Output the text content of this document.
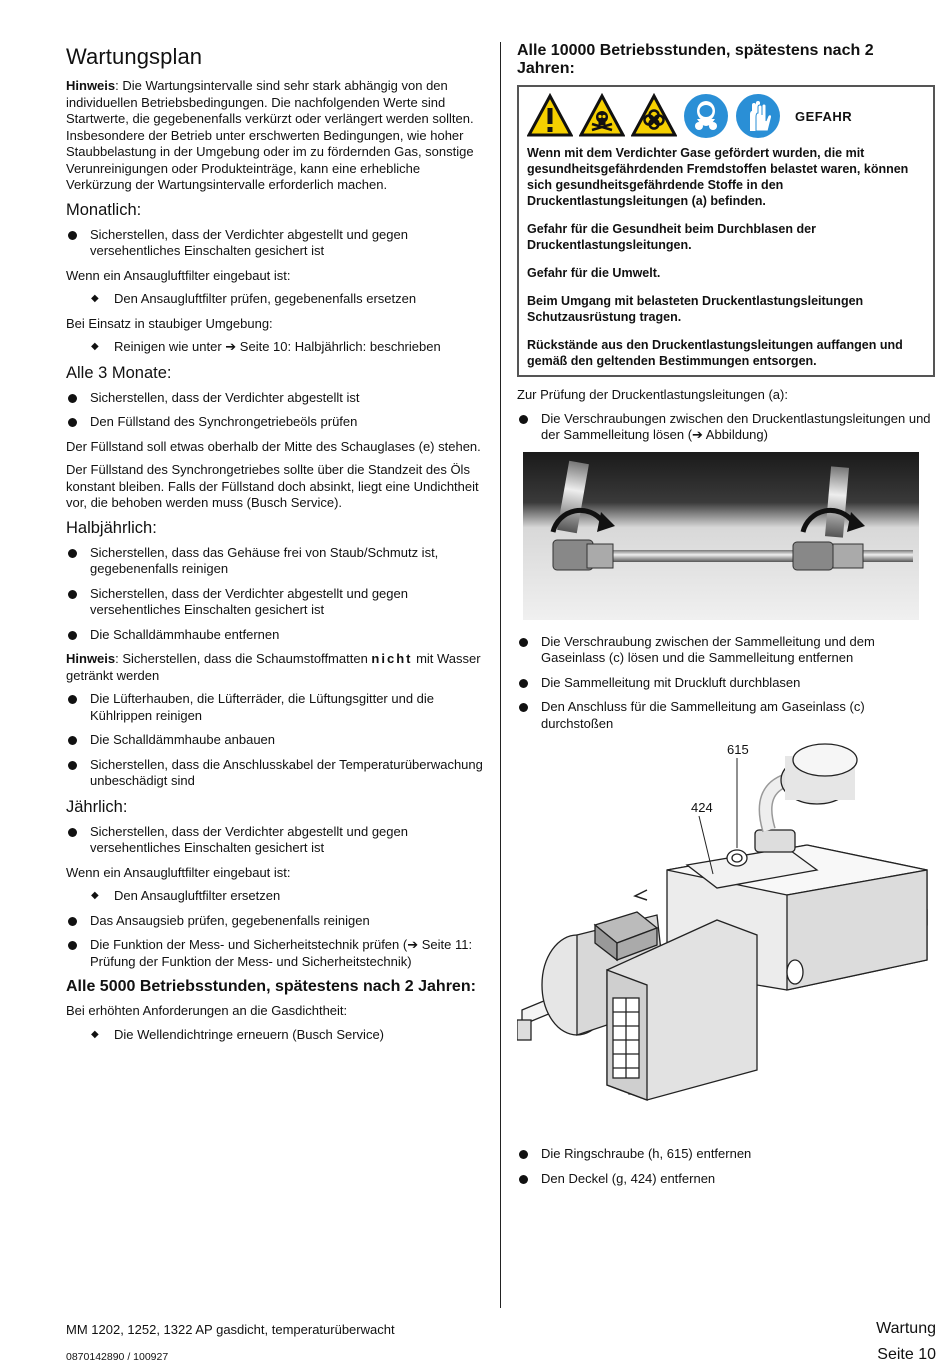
Wartungsplan

Hinweis: Die Wartungsintervalle sind sehr stark abhängig von den individuellen Betriebsbedingungen. Die nachfolgenden Werte sind Startwerte, die gegebenenfalls verkürzt oder verlängert werden sollten. Insbesondere der Betrieb unter erschwerten Bedingungen, wie hoher Staubbelastung in der Umgebung oder im zu fördernden Gas, sonstige Verunreinigungen oder Produkteinträge, kann eine erhebliche Verkürzung der Wartungsintervalle erforderlich machen.

Monatlich:
Sicherstellen, dass der Verdichter abgestellt und gegen versehentliches Einschalten gesichert ist

Wenn ein Ansaugluftfilter eingebaut ist:

◆ Den Ansaugluftfilter prüfen, gegebenenfalls ersetzen

Bei Einsatz in staubiger Umgebung:

◆ Reinigen wie unter ➔ Seite 10: Halbjährlich: beschrieben
Alle 3 Monate:
Sicherstellen, dass der Verdichter abgestellt ist
Den Füllstand des Synchrongetriebeöls prüfen

Der Füllstand soll etwas oberhalb der Mitte des Schauglases (e) stehen.

Der Füllstand des Synchrongetriebes sollte über die Standzeit des Öls konstant bleiben. Falls der Füllstand doch absinkt, liegt eine Undichtheit vor, die behoben werden muss (Busch Service).

Halbjährlich:
Sicherstellen, dass das Gehäuse frei von Staub/Schmutz ist, gegebenenfalls reinigen
Sicherstellen, dass der Verdichter abgestellt und gegen versehentliches Einschalten gesichert ist
Die Schalldämmhaube entfernen

Hinweis: Sicherstellen, dass die Schaumstoffmatten nicht mit Wasser getränkt werden

Die Lüfterhauben, die Lüfterräder, die Lüftungsgitter und die Kühlrippen reinigen
Die Schalldämmhaube anbauen
Sicherstellen, dass die Anschlusskabel der Temperaturüberwachung unbeschädigt sind
Jährlich:
Sicherstellen, dass der Verdichter abgestellt und gegen versehentliches Einschalten gesichert ist

Wenn ein Ansaugluftfilter eingebaut ist:

◆ Den Ansaugluftfilter ersetzen
Das Ansaugsieb prüfen, gegebenenfalls reinigen
Die Funktion der Mess- und Sicherheitstechnik prüfen (➔ Seite 11: Prüfung der Funktion der Mess- und Sicherheitstechnik)
Alle 5000 Betriebsstunden, spätestens nach 2 Jahren:

Bei erhöhten Anforderungen an die Gasdichtheit:

◆ Die Wellendichtringe erneuern (Busch Service)
Alle 10000 Betriebsstunden, spätestens nach 2 Jahren:
GEFAHR

Wenn mit dem Verdichter Gase gefördert wurden, die mit gesundheitsgefährdenden Fremdstoffen belastet waren, können sich gesundheitsgefährdende Stoffe in den Druckentlastungsleitungen (a) befinden.

Gefahr für die Gesundheit beim Durchblasen der Druckentlastungsleitungen.

Gefahr für die Umwelt.

Beim Umgang mit belasteten Druckentlastungsleitungen Schutzausrüstung tragen.

Rückstände aus den Druckentlastungsleitungen auffangen und gemäß den geltenden Bestimmungen entsorgen.

Zur Prüfung der Druckentlastungsleitungen (a):

Die Verschraubungen zwischen den Druckentlastungsleitungen und der Sammelleitung lösen (➔ Abbildung)
Die Verschraubung zwischen der Sammelleitung und dem Gaseinlass (c) lösen und die Sammelleitung entfernen
Die Sammelleitung mit Druckluft durchblasen
Den Anschluss für die Sammelleitung am Gaseinlass (c) durchstoßen
615
424
Die Ringschraube (h, 615) entfernen
Den Deckel (g, 424) entfernen
MM 1202, 1252, 1322 AP gasdicht, temperaturüberwacht
0870142890 / 100927
Wartung
Seite 10
